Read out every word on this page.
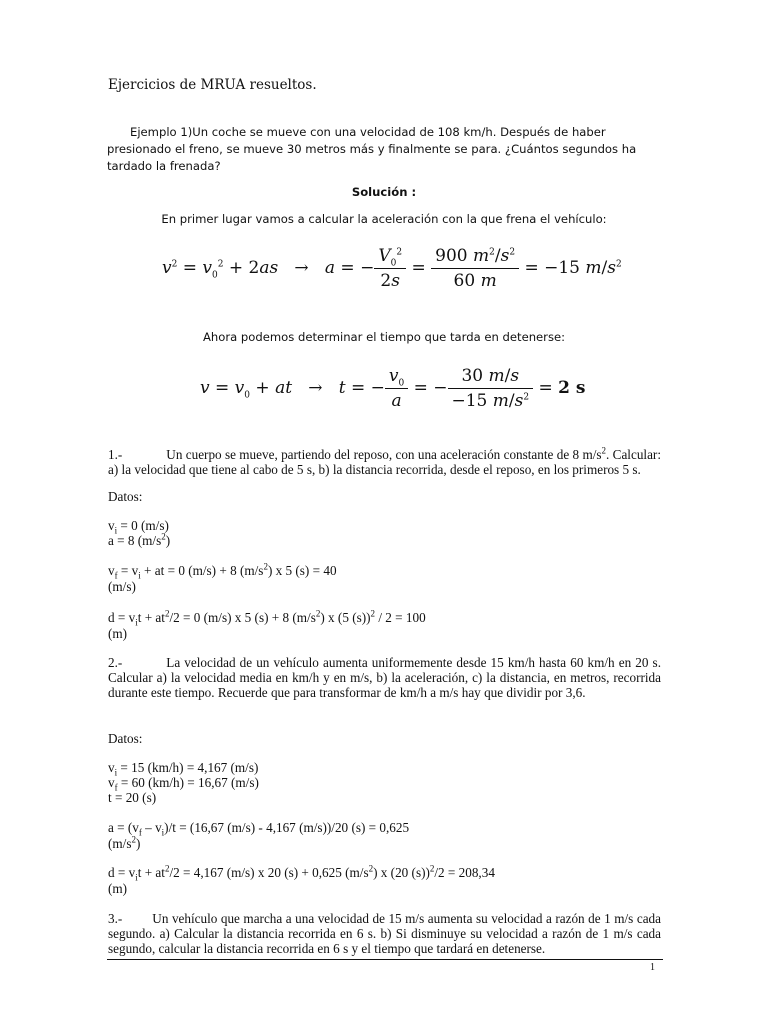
Ejercicios de MRUA resueltos.
Ejemplo 1)Un coche se mueve con una velocidad de 108 km/h. Después de haber presionado el freno, se mueve 30 metros más y finalmente se para. ¿Cuántos segundos ha tardado la frenada?
Solución :
En primer lugar vamos a calcular la aceleración con la que frena el vehículo:
$v^2 = v_0^2 + 2as \to a$ = − $\frac{V_0^2}{2s} = \frac{900 m^2/s^2}{60 m} = -15$ $m/s^2$
Ahora podemos determinar el tiempo que tarda en detenerse:
$v = v_0$ + at   →   t = − $\frac{v_0}{a}$ = − $\frac{30 m/s}{-15 m/s^2} = 2$ s
1.-	Un cuerpo se mueve, partiendo del reposo, con una aceleración constante de 8 $m/s^2$. Calcular: a) la velocidad que tiene al cabo de 5 s, b) la distancia recorrida, desde el reposo, en los primeros 5 s.
Datos:
$v_i = 0$ (m/s)
a = 8 $(m/s^2)$
$v_f = v_i$ + at = 0 (m/s) + 8 $(m/s^2)$ x 5 (s) = 40
(m/s)
$d = v_it + at^2/2 = 0$ (m/s) x 5 (s) + 8 $(m/s^2)$ x (5 (s))$^2$ / 2 = 100
(m)
2.-	La velocidad de un vehículo aumenta uniformemente desde 15 km/h hasta 60 km/h en 20 s. Calcular a) la velocidad media en km/h y en m/s, b) la aceleración, c) la distancia, en metros, recorrida durante este tiempo. Recuerde que para transformar de km/h a m/s hay que dividir por 3,6.
Datos:
$v_i = 15$ (km/h) = 4,167 (m/s)
$v_f = 60$ (km/h) = 16,67 (m/s)
t = 20 (s)
$a = (v_f - v_i)/t = (16,67$ (m/s) - 4,167 (m/s))/20 (s) = 0,625
$(m/s^2)$
$d = v_it + at^2/2 = 4,167$ (m/s) x 20 (s) + 0,625 $(m/s^2)$ x (20 (s))$^2$/2 = 208,34
(m)
3.- Un vehículo que marcha a una velocidad de 15 m/s aumenta su velocidad a razón de 1 m/s cada segundo. a) Calcular la distancia recorrida en 6 s. b) Si disminuye su velocidad a razón de 1 m/s cada segundo, calcular la distancia recorrida en 6 s y el tiempo que tardará en detenerse.
1
